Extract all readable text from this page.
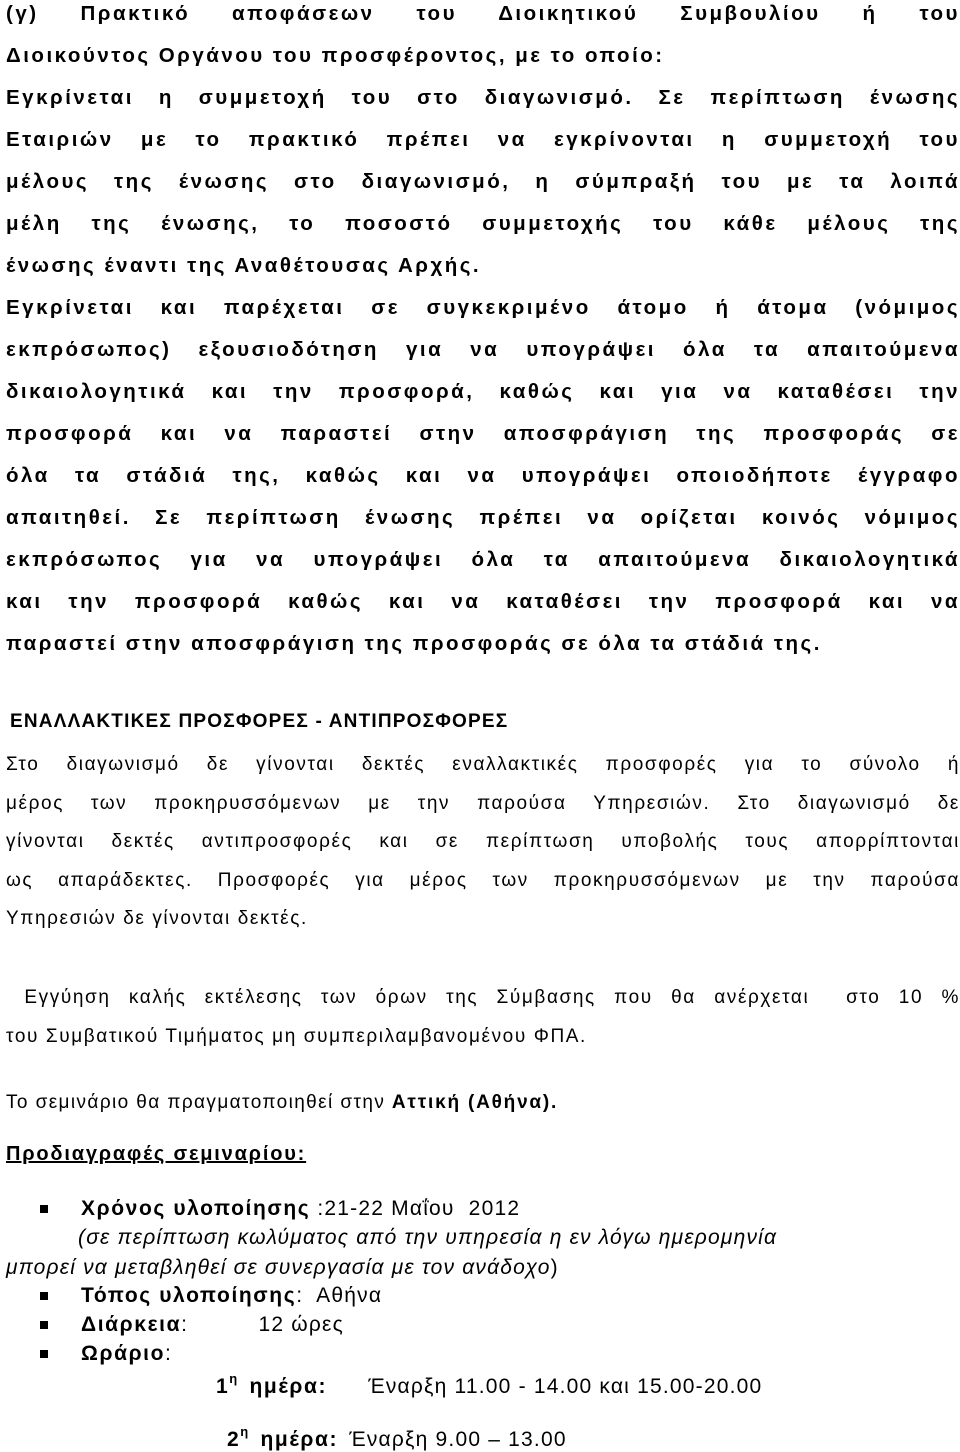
(γ) Πρακτικό αποφάσεων του Διοικητικού Συμβουλίου ή του
Διοικούντος Οργάνου του προσφέροντος, με το οποίο:
Εγκρίνεται η συμμετοχή του στο διαγωνισμό. Σε περίπτωση ένωσης
Εταιριών με το πρακτικό πρέπει να εγκρίνονται η συμμετοχή του
μέλους της ένωσης στο διαγωνισμό, η σύμπραξή του με τα λοιπά
μέλη της ένωσης, το ποσοστό συμμετοχής του κάθε μέλους της
ένωσης έναντι της Αναθέτουσας Αρχής.
Εγκρίνεται και παρέχεται σε συγκεκριμένο άτομο ή άτομα (νόμιμος
εκπρόσωπος) εξουσιοδότηση για να υπογράψει όλα τα απαιτούμενα
δικαιολογητικά και την προσφορά, καθώς και για να καταθέσει την
προσφορά και να παραστεί στην αποσφράγιση της προσφοράς σε
όλα τα στάδιά της, καθώς και να υπογράψει οποιοδήποτε έγγραφο
απαιτηθεί. Σε περίπτωση ένωσης πρέπει να ορίζεται κοινός νόμιμος
εκπρόσωπος για να υπογράψει όλα τα απαιτούμενα δικαιολογητικά
και την προσφορά καθώς και να καταθέσει την προσφορά και να
παραστεί στην αποσφράγιση της προσφοράς σε όλα τα στάδιά της.
ΕΝΑΛΛΑΚΤΙΚΕΣ ΠΡΟΣΦΟΡΕΣ - ΑΝΤΙΠΡΟΣΦΟΡΕΣ
Στο διαγωνισμό δε γίνονται δεκτές εναλλακτικές προσφορές για το σύνολο ή
μέρος των προκηρυσσόμενων με την παρούσα Υπηρεσιών. Στο διαγωνισμό δε
γίνονται δεκτές αντιπροσφορές και σε περίπτωση υποβολής τους απορρίπτονται
ως απαράδεκτες. Προσφορές για μέρος των προκηρυσσόμενων με την παρούσα
Υπηρεσιών δε γίνονται δεκτές.
Εγγύηση καλής εκτέλεσης των όρων της Σύμβασης που θα ανέρχεται  στο 10 %
του Συμβατικού Τιμήματος μη συμπεριλαμβανομένου ΦΠΑ.
Το σεμινάριο θα πραγματοποιηθεί στην Αττική (Αθήνα).
Προδιαγραφές σεμιναρίου:
Χρόνος υλοποίησης :21-22 Μαΐου  2012
(σε περίπτωση κωλύματος από την υπηρεσία η εν λόγω ημερομηνία
μπορεί να μεταβληθεί σε συνεργασία με τον ανάδοχο)
Τόπος υλοποίησης:  Αθήνα
Διάρκεια:          12 ώρες
Ωράριο:
$1^\eta$ ημέρα: Έναρξη 11.00 - 14.00 και 15.00-20.00
$2^\eta$ ημέρα: Έναρξη 9.00 – 13.00
